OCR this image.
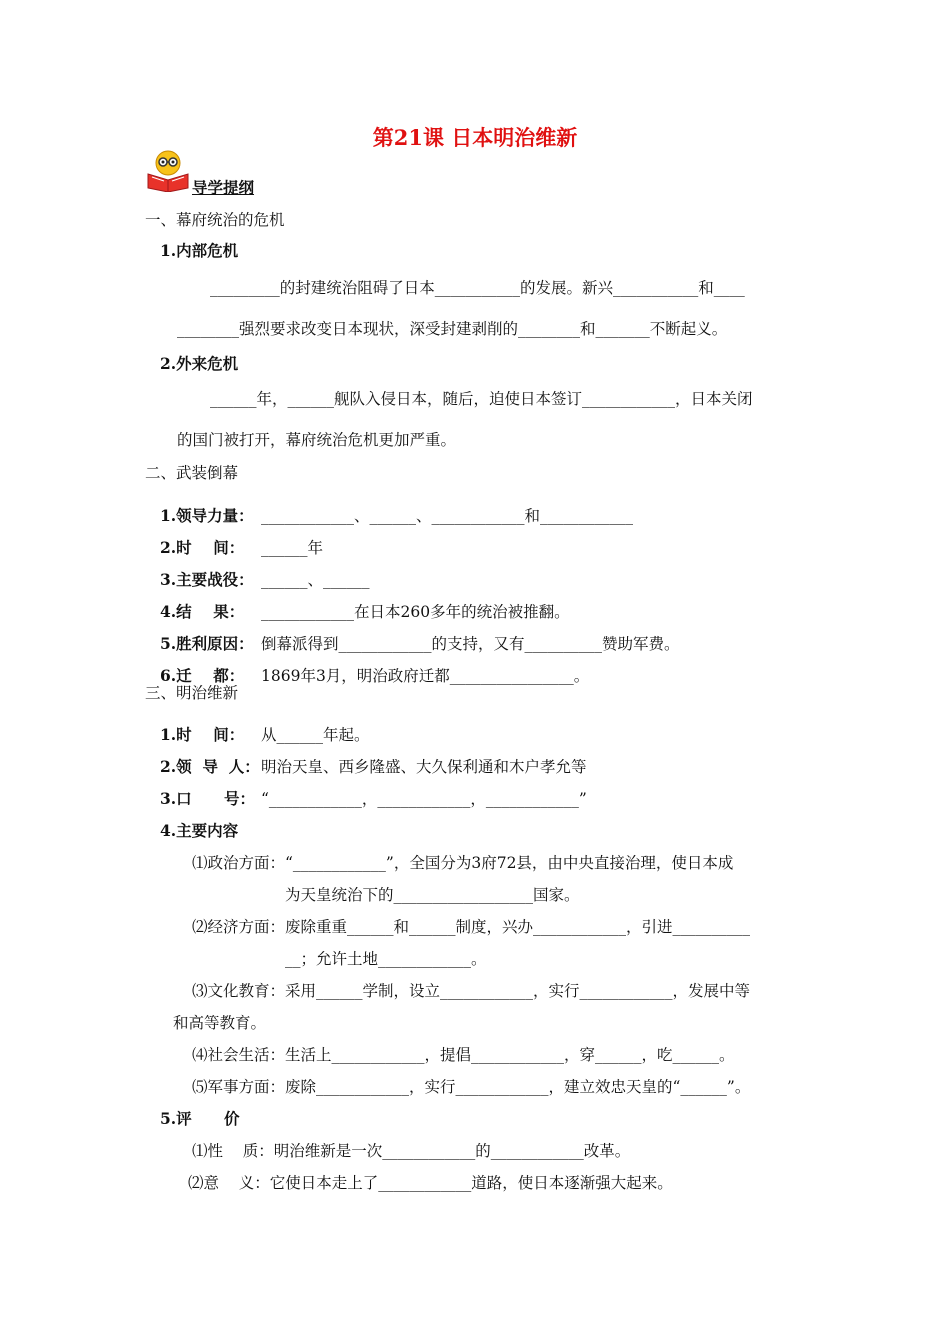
第21课 日本明治维新
导学提纲
一、幕府统治的危机
1.内部危机
_________的封建统治阻碍了日本___________的发展。新兴___________和____
________强烈要求改变日本现状，深受封建剥削的________和_______不断起义。
2.外来危机
______年，______舰队入侵日本，随后，迫使日本签订____________，日本关闭
的国门被打开，幕府统治危机更加严重。
二、武装倒幕
1.领导力量： ____________、______、____________和____________
2.时    间： ______年
3.主要战役： ______、______
4.结    果： ____________在日本260多年的统治被推翻。
5.胜利原因： 倒幕派得到____________的支持，又有__________赞助军费。
6.迁    都： 1869年3月，明治政府迁都________________。
三、明治维新
1.时    间： 从______年起。
2.领  导  人： 明治天皇、西乡隆盛、大久保利通和木户孝允等
3.口      号： “____________，____________，____________”
4.主要内容
⑴政治方面：“____________”，全国分为3府72县，由中央直接治理，使日本成
为天皇统治下的__________________国家。
⑵经济方面：废除重重______和______制度，兴办____________，引进__________
__；允许土地____________。
⑶文化教育：采用______学制，设立____________，实行____________，发展中等
和高等教育。
⑷社会生活：生活上____________，提倡____________，穿______，吃______。
⑸军事方面：废除____________，实行____________，建立效忠天皇的“______”。
5.评      价
⑴性    质：明治维新是一次____________的____________改革。
⑵意    义：它使日本走上了____________道路，使日本逐渐强大起来。
